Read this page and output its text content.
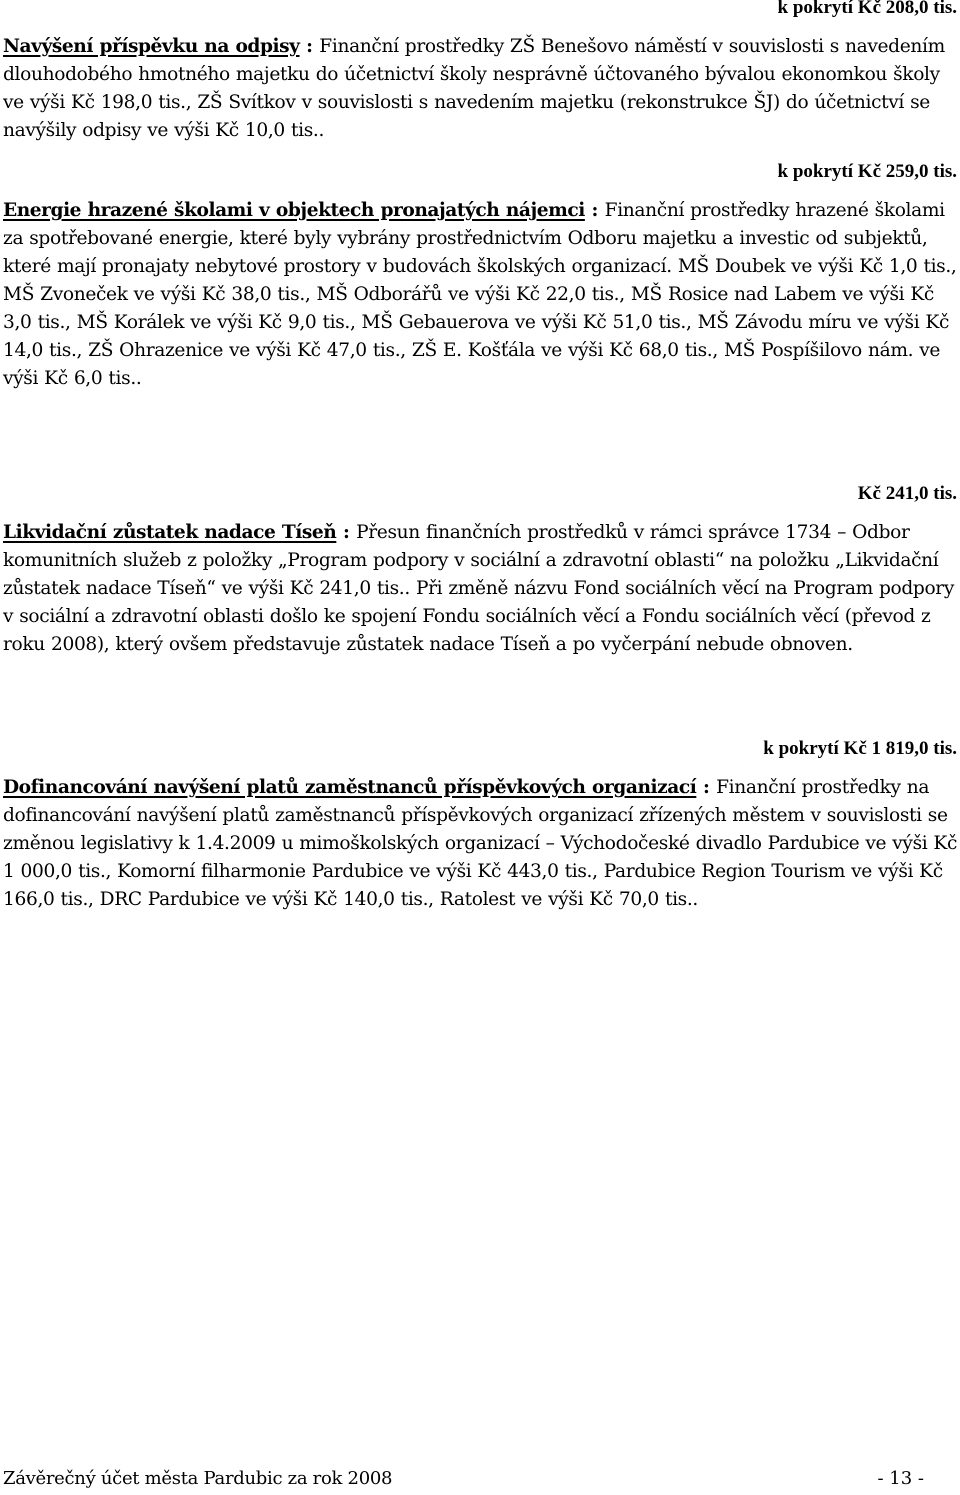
k pokrytí Kč 208,0 tis.

Navýšení příspěvku na odpisy : Finanční prostředky ZŠ Benešovo náměstí v souvislosti s navedením dlouhodobého hmotného majetku do účetnictví školy nesprávně účtovaného bývalou ekonomkou školy ve výši Kč 198,0 tis., ZŠ Svítkov v souvislosti s navedením majetku (rekonstrukce ŠJ) do účetnictví se navýšily odpisy ve výši Kč 10,0 tis..

k pokrytí Kč 259,0 tis.

Energie hrazené školami v objektech pronajatých nájemci : Finanční prostředky hrazené školami za spotřebované energie, které byly vybrány prostřednictvím Odboru majetku a investic od subjektů, které mají pronajaty nebytové prostory v budovách školských organizací. MŠ Doubek ve výši Kč 1,0 tis., MŠ Zvoneček ve výši Kč 38,0 tis., MŠ Odborářů ve výši Kč 22,0 tis., MŠ Rosice nad Labem ve výši Kč 3,0 tis., MŠ Korálek ve výši Kč 9,0 tis., MŠ Gebauerova ve výši Kč 51,0 tis., MŠ Závodu míru ve výši Kč 14,0 tis., ZŠ Ohrazenice ve výši Kč 47,0 tis., ZŠ E. Košťála ve výši Kč 68,0 tis., MŠ Pospíšilovo nám. ve výši Kč 6,0 tis..

Kč 241,0 tis.

Likvidační zůstatek nadace Tíseň : Přesun finančních prostředků v rámci správce 1734 – Odbor komunitních služeb z položky „Program podpory v sociální a zdravotní oblasti“ na položku „Likvidační zůstatek nadace Tíseň“ ve výši Kč 241,0 tis.. Při změně názvu Fond sociálních věcí na Program podpory v sociální a zdravotní oblasti došlo ke spojení Fondu sociálních věcí a Fondu sociálních věcí (převod z roku 2008), který ovšem představuje zůstatek nadace Tíseň a po vyčerpání nebude obnoven.

k pokrytí Kč 1 819,0 tis.

Dofinancování navýšení platů zaměstnanců příspěvkových organizací : Finanční prostředky na dofinancování navýšení platů zaměstnanců příspěvkových organizací zřízených městem v souvislosti se změnou legislativy k 1.4.2009 u mimoškolských organizací – Východočeské divadlo Pardubice ve výši Kč 1 000,0 tis., Komorní filharmonie Pardubice ve výši Kč 443,0 tis., Pardubice Region Tourism ve výši Kč 166,0 tis., DRC Pardubice ve výši Kč 140,0 tis., Ratolest ve výši Kč 70,0 tis..

Závěrečný účet města Pardubic za rok 2008	- 13 -
